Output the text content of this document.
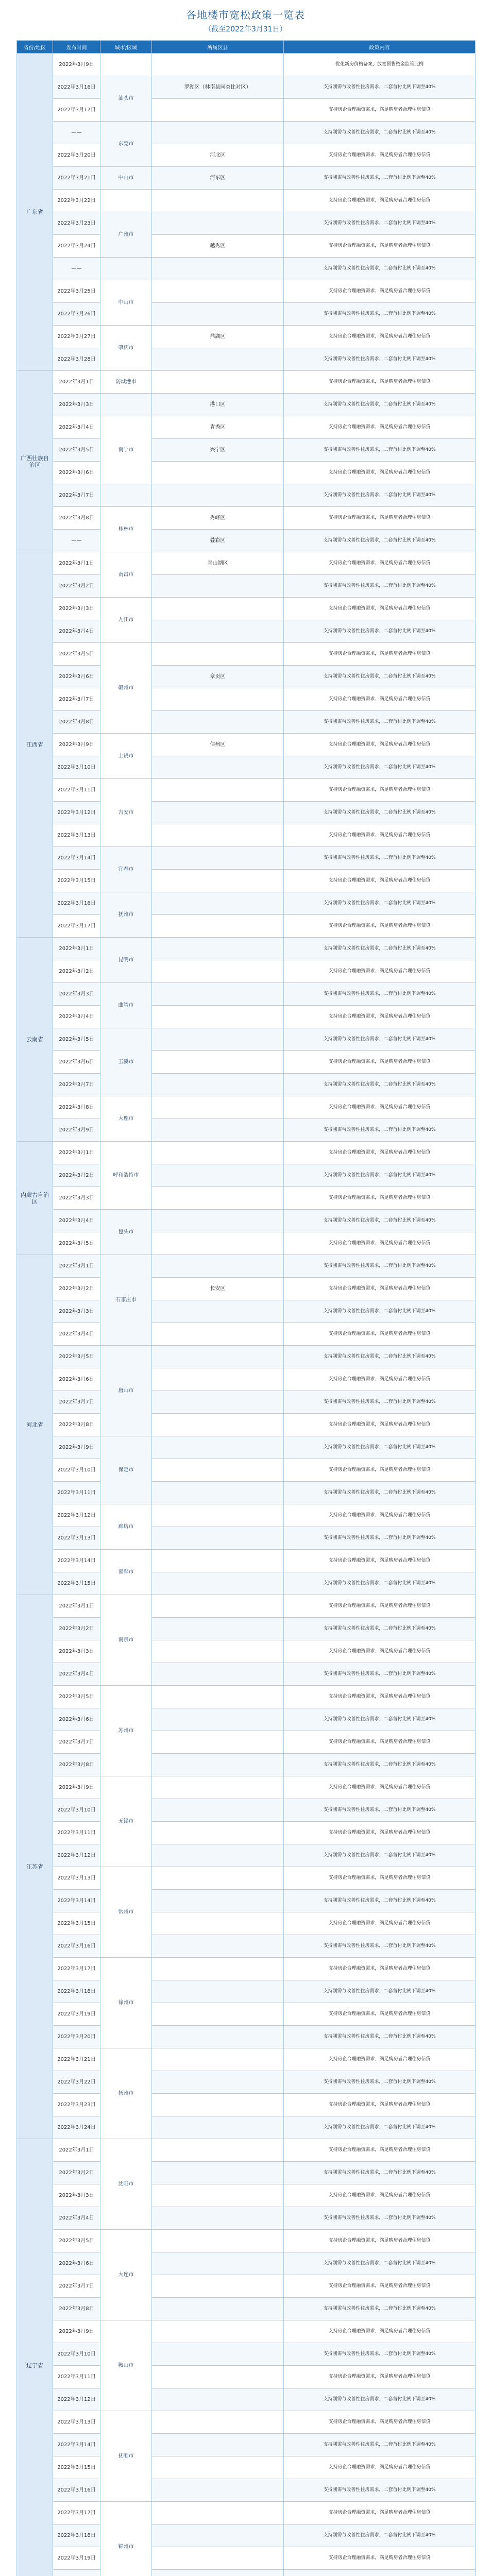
各地楼市宽松政策一览表
（截至2022年3月31日）
省份/地区	发布时间	城市/区域	所属区县	政策内容
广东省	2022年3月9日			优化新房价格备案，放宽预售资金监管比例
	2022年3月16日	汕头市	罗湖区（林南县同类比对区）	支持刚需与改善性住房需求，二套首付比例下调至40%
	2022年3月17日			支持房企合理融资需求，满足购房者合理住房信贷
	——	东莞市		支持刚需与改善性住房需求，二套首付比例下调至40%
	2022年3月20日		河北区	支持房企合理融资需求，满足购房者合理住房信贷
	2022年3月21日	中山市	河东区	支持刚需与改善性住房需求，二套首付比例下调至40%
	2022年3月22日			支持房企合理融资需求，满足购房者合理住房信贷
	2022年3月23日	广州市		支持刚需与改善性住房需求，二套首付比例下调至40%
	2022年3月24日		越秀区	支持房企合理融资需求，满足购房者合理住房信贷
	——			支持刚需与改善性住房需求，二套首付比例下调至40%
	2022年3月25日	中山市		支持房企合理融资需求，满足购房者合理住房信贷
	2022年3月26日			支持刚需与改善性住房需求，二套首付比例下调至40%
	2022年3月27日	肇庆市	鼎湖区	支持房企合理融资需求，满足购房者合理住房信贷
	2022年3月28日			支持刚需与改善性住房需求，二套首付比例下调至40%
广西壮族自治区	2022年3月1日	防城港市		支持房企合理融资需求，满足购房者合理住房信贷
	2022年3月3日		港口区	支持刚需与改善性住房需求，二套首付比例下调至40%
	2022年3月4日	南宁市	青秀区	支持房企合理融资需求，满足购房者合理住房信贷
	2022年3月5日		兴宁区	支持刚需与改善性住房需求，二套首付比例下调至40%
	2022年3月6日			支持房企合理融资需求，满足购房者合理住房信贷
	2022年3月7日			支持刚需与改善性住房需求，二套首付比例下调至40%
	2022年3月8日	桂林市	秀峰区	支持房企合理融资需求，满足购房者合理住房信贷
	——		叠彩区	支持刚需与改善性住房需求，二套首付比例下调至40%
江西省	2022年3月1日	南昌市	青山湖区	支持房企合理融资需求，满足购房者合理住房信贷
	2022年3月2日			支持刚需与改善性住房需求，二套首付比例下调至40%
	2022年3月3日	九江市		支持房企合理融资需求，满足购房者合理住房信贷
	2022年3月4日			支持刚需与改善性住房需求，二套首付比例下调至40%
	2022年3月5日	赣州市		支持房企合理融资需求，满足购房者合理住房信贷
	2022年3月6日		章贡区	支持刚需与改善性住房需求，二套首付比例下调至40%
	2022年3月7日			支持房企合理融资需求，满足购房者合理住房信贷
	2022年3月8日			支持刚需与改善性住房需求，二套首付比例下调至40%
	2022年3月9日	上饶市	信州区	支持房企合理融资需求，满足购房者合理住房信贷
	2022年3月10日			支持刚需与改善性住房需求，二套首付比例下调至40%
	2022年3月11日	吉安市		支持房企合理融资需求，满足购房者合理住房信贷
	2022年3月12日			支持刚需与改善性住房需求，二套首付比例下调至40%
	2022年3月13日			支持房企合理融资需求，满足购房者合理住房信贷
	2022年3月14日	宜春市		支持刚需与改善性住房需求，二套首付比例下调至40%
	2022年3月15日			支持房企合理融资需求，满足购房者合理住房信贷
	2022年3月16日	抚州市		支持刚需与改善性住房需求，二套首付比例下调至40%
	2022年3月17日			支持房企合理融资需求，满足购房者合理住房信贷
云南省	2022年3月1日	昆明市		支持刚需与改善性住房需求，二套首付比例下调至40%
	2022年3月2日			支持房企合理融资需求，满足购房者合理住房信贷
	2022年3月3日	曲靖市		支持刚需与改善性住房需求，二套首付比例下调至40%
	2022年3月4日			支持房企合理融资需求，满足购房者合理住房信贷
	2022年3月5日	玉溪市		支持刚需与改善性住房需求，二套首付比例下调至40%
	2022年3月6日			支持房企合理融资需求，满足购房者合理住房信贷
	2022年3月7日			支持刚需与改善性住房需求，二套首付比例下调至40%
	2022年3月8日	大理市		支持房企合理融资需求，满足购房者合理住房信贷
	2022年3月9日			支持刚需与改善性住房需求，二套首付比例下调至40%
内蒙古自治区	2022年3月1日	呼和浩特市		支持房企合理融资需求，满足购房者合理住房信贷
	2022年3月2日			支持刚需与改善性住房需求，二套首付比例下调至40%
	2022年3月3日			支持房企合理融资需求，满足购房者合理住房信贷
	2022年3月4日	包头市		支持刚需与改善性住房需求，二套首付比例下调至40%
	2022年3月5日			支持房企合理融资需求，满足购房者合理住房信贷
河北省	2022年3月1日	石家庄市		支持刚需与改善性住房需求，二套首付比例下调至40%
	2022年3月2日		长安区	支持房企合理融资需求，满足购房者合理住房信贷
	2022年3月3日			支持刚需与改善性住房需求，二套首付比例下调至40%
	2022年3月4日			支持房企合理融资需求，满足购房者合理住房信贷
	2022年3月5日	唐山市		支持刚需与改善性住房需求，二套首付比例下调至40%
	2022年3月6日			支持房企合理融资需求，满足购房者合理住房信贷
	2022年3月7日			支持刚需与改善性住房需求，二套首付比例下调至40%
	2022年3月8日			支持房企合理融资需求，满足购房者合理住房信贷
	2022年3月9日	保定市		支持刚需与改善性住房需求，二套首付比例下调至40%
	2022年3月10日			支持房企合理融资需求，满足购房者合理住房信贷
	2022年3月11日			支持刚需与改善性住房需求，二套首付比例下调至40%
	2022年3月12日	廊坊市		支持房企合理融资需求，满足购房者合理住房信贷
	2022年3月13日			支持刚需与改善性住房需求，二套首付比例下调至40%
	2022年3月14日	邯郸市		支持房企合理融资需求，满足购房者合理住房信贷
	2022年3月15日			支持刚需与改善性住房需求，二套首付比例下调至40%
江苏省	2022年3月1日	南京市		支持房企合理融资需求，满足购房者合理住房信贷
	2022年3月2日			支持刚需与改善性住房需求，二套首付比例下调至40%
	2022年3月3日			支持房企合理融资需求，满足购房者合理住房信贷
	2022年3月4日			支持刚需与改善性住房需求，二套首付比例下调至40%
	2022年3月5日	苏州市		支持房企合理融资需求，满足购房者合理住房信贷
	2022年3月6日			支持刚需与改善性住房需求，二套首付比例下调至40%
	2022年3月7日			支持房企合理融资需求，满足购房者合理住房信贷
	2022年3月8日			支持刚需与改善性住房需求，二套首付比例下调至40%
	2022年3月9日	无锡市		支持房企合理融资需求，满足购房者合理住房信贷
	2022年3月10日			支持刚需与改善性住房需求，二套首付比例下调至40%
	2022年3月11日			支持房企合理融资需求，满足购房者合理住房信贷
	2022年3月12日			支持刚需与改善性住房需求，二套首付比例下调至40%
	2022年3月13日	常州市		支持房企合理融资需求，满足购房者合理住房信贷
	2022年3月14日			支持刚需与改善性住房需求，二套首付比例下调至40%
	2022年3月15日			支持房企合理融资需求，满足购房者合理住房信贷
	2022年3月16日			支持刚需与改善性住房需求，二套首付比例下调至40%
	2022年3月17日	徐州市		支持房企合理融资需求，满足购房者合理住房信贷
	2022年3月18日			支持刚需与改善性住房需求，二套首付比例下调至40%
	2022年3月19日			支持房企合理融资需求，满足购房者合理住房信贷
	2022年3月20日			支持刚需与改善性住房需求，二套首付比例下调至40%
	2022年3月21日	扬州市		支持房企合理融资需求，满足购房者合理住房信贷
	2022年3月22日			支持刚需与改善性住房需求，二套首付比例下调至40%
	2022年3月23日			支持房企合理融资需求，满足购房者合理住房信贷
	2022年3月24日			支持刚需与改善性住房需求，二套首付比例下调至40%
辽宁省	2022年3月1日	沈阳市		支持房企合理融资需求，满足购房者合理住房信贷
	2022年3月2日			支持刚需与改善性住房需求，二套首付比例下调至40%
	2022年3月3日			支持房企合理融资需求，满足购房者合理住房信贷
	2022年3月4日			支持刚需与改善性住房需求，二套首付比例下调至40%
	2022年3月5日	大连市		支持房企合理融资需求，满足购房者合理住房信贷
	2022年3月6日			支持刚需与改善性住房需求，二套首付比例下调至40%
	2022年3月7日			支持房企合理融资需求，满足购房者合理住房信贷
	2022年3月8日			支持刚需与改善性住房需求，二套首付比例下调至40%
	2022年3月9日	鞍山市		支持房企合理融资需求，满足购房者合理住房信贷
	2022年3月10日			支持刚需与改善性住房需求，二套首付比例下调至40%
	2022年3月11日			支持房企合理融资需求，满足购房者合理住房信贷
	2022年3月12日			支持刚需与改善性住房需求，二套首付比例下调至40%
	2022年3月13日	抚顺市		支持房企合理融资需求，满足购房者合理住房信贷
	2022年3月14日			支持刚需与改善性住房需求，二套首付比例下调至40%
	2022年3月15日			支持房企合理融资需求，满足购房者合理住房信贷
	2022年3月16日			支持刚需与改善性住房需求，二套首付比例下调至40%
	2022年3月17日	锦州市		支持房企合理融资需求，满足购房者合理住房信贷
	2022年3月18日			支持刚需与改善性住房需求，二套首付比例下调至40%
	2022年3月19日			支持房企合理融资需求，满足购房者合理住房信贷
